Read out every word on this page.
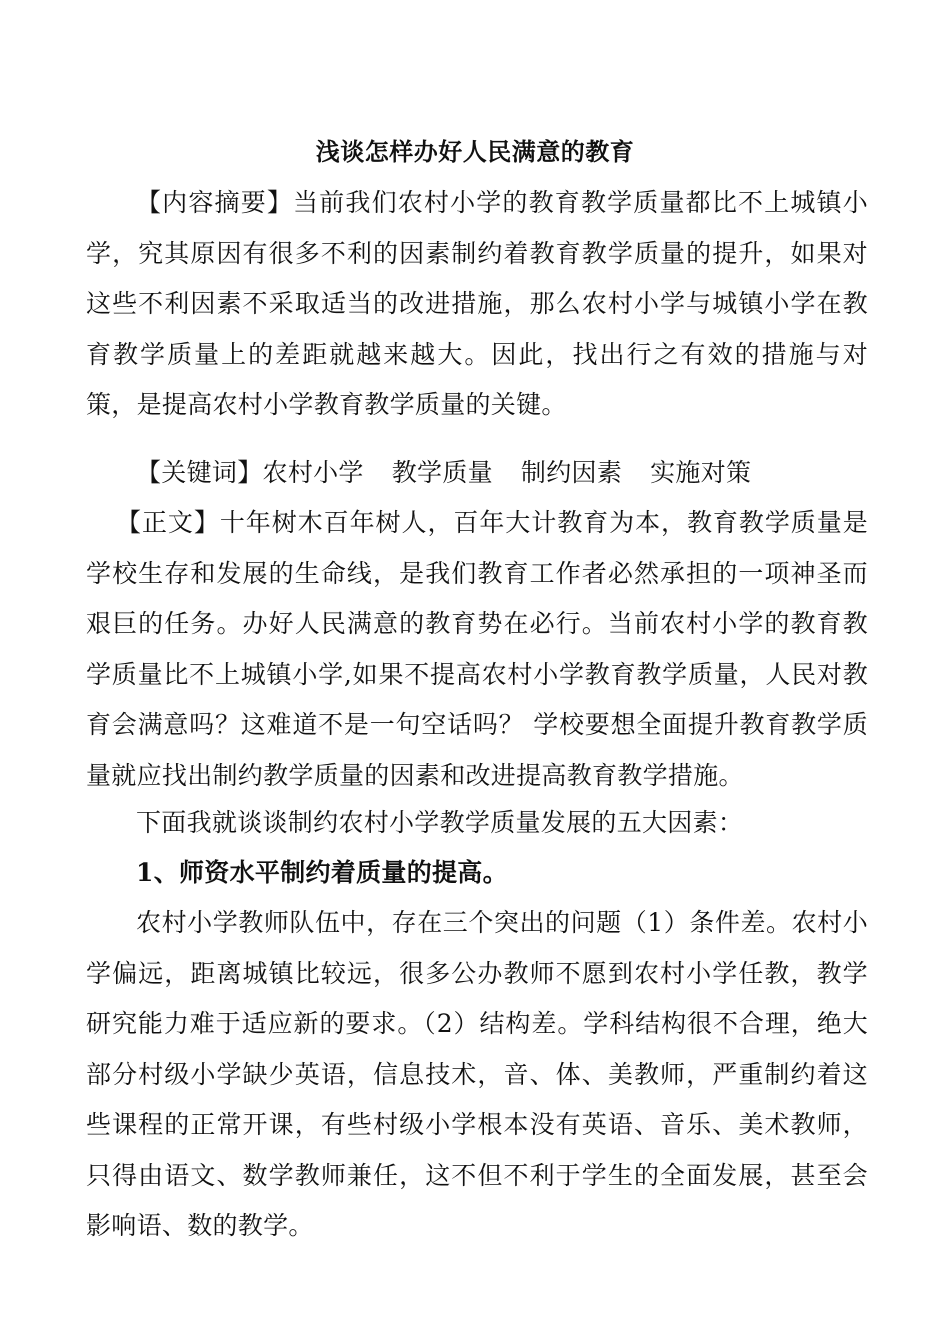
浅谈怎样办好人民满意的教育

【内容摘要】当前我们农村小学的教育教学质量都比不上城镇小学，究其原因有很多不利的因素制约着教育教学质量的提升，如果对这些不利因素不采取适当的改进措施，那么农村小学与城镇小学在教育教学质量上的差距就越来越大。因此，找出行之有效的措施与对策，是提高农村小学教育教学质量的关键。

【关键词】农村小学 教学质量 制约因素 实施对策

【正文】十年树木百年树人，百年大计教育为本，教育教学质量是学校生存和发展的生命线，是我们教育工作者必然承担的一项神圣而艰巨的任务。办好人民满意的教育势在必行。当前农村小学的教育教学质量比不上城镇小学,如果不提高农村小学教育教学质量，人民对教育会满意吗？这难道不是一句空话吗？ 学校要想全面提升教育教学质量就应找出制约教学质量的因素和改进提高教育教学措施。

下面我就谈谈制约农村小学教学质量发展的五大因素：

1、师资水平制约着质量的提高。

农村小学教师队伍中，存在三个突出的问题（1）条件差。农村小学偏远，距离城镇比较远，很多公办教师不愿到农村小学任教，教学研究能力难于适应新的要求。（2）结构差。学科结构很不合理，绝大部分村级小学缺少英语，信息技术，音、体、美教师，严重制约着这些课程的正常开课，有些村级小学根本没有英语、音乐、美术教师，只得由语文、数学教师兼任，这不但不利于学生的全面发展，甚至会影响语、数的教学。
